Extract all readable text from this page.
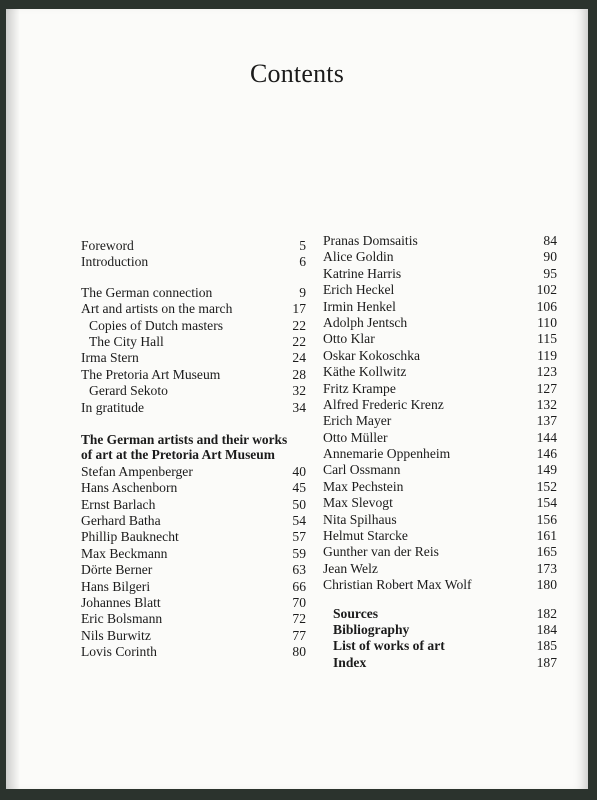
Contents
Foreword	5
Introduction	6
The German connection	9
Art and artists on the march	17
Copies of Dutch masters	22
The City Hall	22
Irma Stern	24
The Pretoria Art Museum	28
Gerard Sekoto	32
In gratitude	34
The German artists and their works
of art at the Pretoria Art Museum
Stefan Ampenberger	40
Hans Aschenborn	45
Ernst Barlach	50
Gerhard Batha	54
Phillip Bauknecht	57
Max Beckmann	59
Dörte Berner	63
Hans Bilgeri	66
Johannes Blatt	70
Eric Bolsmann	72
Nils Burwitz	77
Lovis Corinth	80
Pranas Domsaitis	84
Alice Goldin	90
Katrine Harris	95
Erich Heckel	102
Irmin Henkel	106
Adolph Jentsch	110
Otto Klar	115
Oskar Kokoschka	119
Käthe Kollwitz	123
Fritz Krampe	127
Alfred Frederic Krenz	132
Erich Mayer	137
Otto Müller	144
Annemarie Oppenheim	146
Carl Ossmann	149
Max Pechstein	152
Max Slevogt	154
Nita Spilhaus	156
Helmut Starcke	161
Gunther van der Reis	165
Jean Welz	173
Christian Robert Max Wolf	180
Sources	182
Bibliography	184
List of works of art	185
Index	187
